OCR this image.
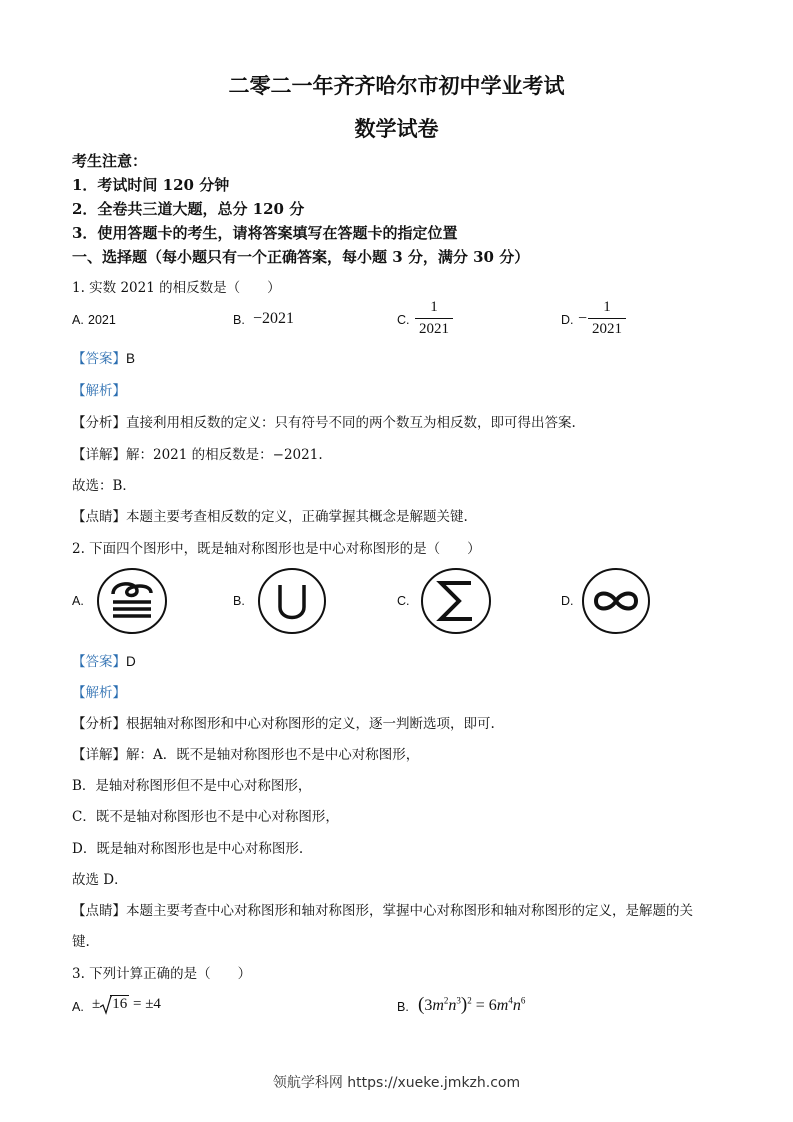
二零二一年齐齐哈尔市初中学业考试
数学试卷
考生注意：
1．考试时间 120 分钟
2．全卷共三道大题，总分 120 分
3．使用答题卡的考生，请将答案填写在答题卡的指定位置
一、选择题（每小题只有一个正确答案，每小题 3 分，满分 30 分）
1. 实数 2021 的相反数是（　　）
A. 2021	B. −2021	C. $\frac{1}{2021}$	D. − $\frac{1}{2021}$
【答案】B
【解析】
【分析】直接利用相反数的定义：只有符号不同的两个数互为相反数，即可得出答案.
【详解】解：2021 的相反数是：−2021.
故选：B．
【点睛】本题主要考查相反数的定义，正确掌握其概念是解题关键.
2. 下面四个图形中，既是轴对称图形也是中心对称图形的是（　　）
A.	B.	C.	D.
【答案】D
【解析】
【分析】根据轴对称图形和中心对称图形的定义，逐一判断选项，即可.
【详解】解：A．既不是轴对称图形也不是中心对称图形，
B．是轴对称图形但不是中心对称图形，
C．既不是轴对称图形也不是中心对称图形，
D．既是轴对称图形也是中心对称图形.
故选 D．
【点睛】本题主要考查中心对称图形和轴对称图形，掌握中心对称图形和轴对称图形的定义，是解题的关
键.
3. 下列计算正确的是（　　）
A. ± 16 = ±4	B. $(3m^2n^3)^2 = 6m^4n^6$
领航学科网 https://xueke.jmkzh.com
